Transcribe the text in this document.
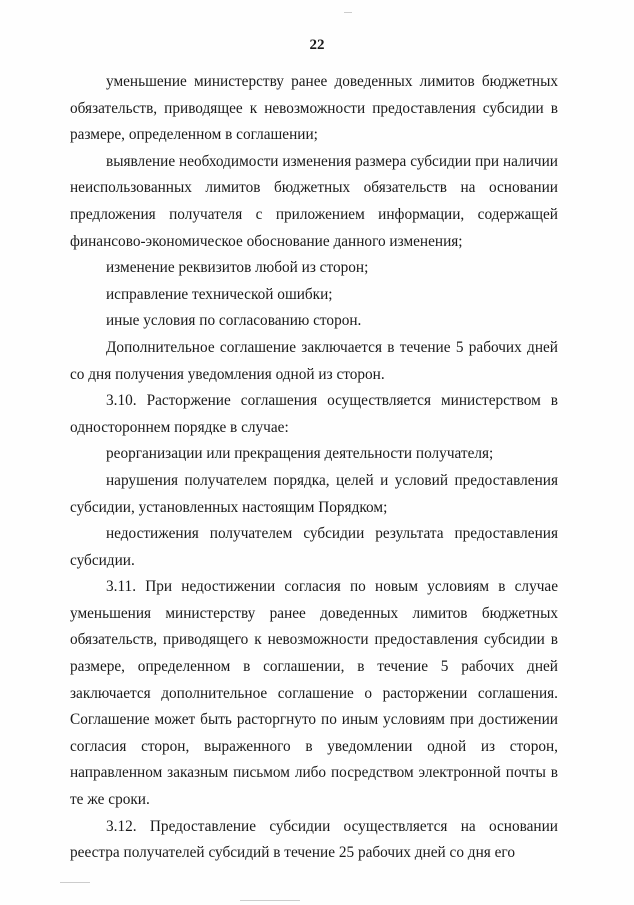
22

уменьшение министерству ранее доведенных лимитов бюджетных обязательств, приводящее к невозможности предоставления субсидии в размере, определенном в соглашении;

выявление необходимости изменения размера субсидии при наличии неиспользованных лимитов бюджетных обязательств на основании предложения получателя с приложением информации, содержащей финансово-экономическое обоснование данного изменения;

изменение реквизитов любой из сторон;

исправление технической ошибки;

иные условия по согласованию сторон.

Дополнительное соглашение заключается в течение 5 рабочих дней со дня получения уведомления одной из сторон.

3.10. Расторжение соглашения осуществляется министерством в одностороннем порядке в случае:

реорганизации или прекращения деятельности получателя;

нарушения получателем порядка, целей и условий предоставления субсидии, установленных настоящим Порядком;

недостижения получателем субсидии результата предоставления субсидии.

3.11. При недостижении согласия по новым условиям в случае уменьшения министерству ранее доведенных лимитов бюджетных обязательств, приводящего к невозможности предоставления субсидии в размере, определенном в соглашении, в течение 5 рабочих дней заключается дополнительное соглашение о расторжении соглашения. Соглашение может быть расторгнуто по иным условиям при достижении согласия сторон, выраженного в уведомлении одной из сторон, направленном заказным письмом либо посредством электронной почты в те же сроки.

3.12. Предоставление субсидии осуществляется на основании реестра получателей субсидий в течение 25 рабочих дней со дня его
